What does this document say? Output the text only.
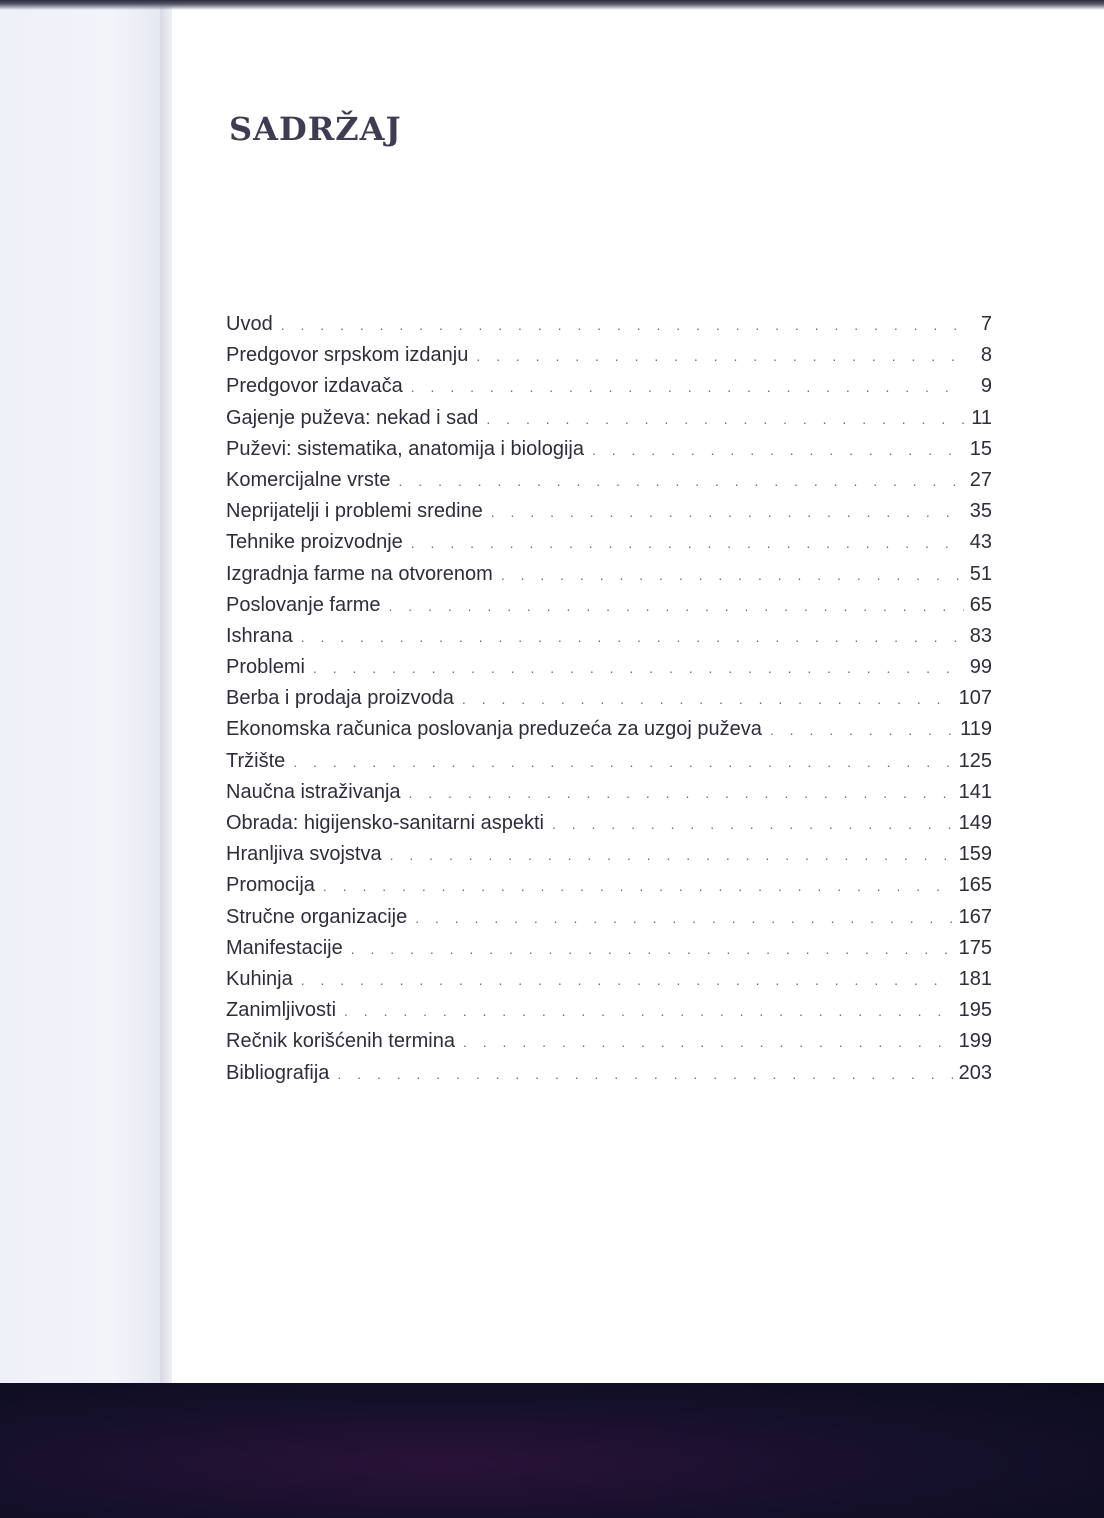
SADRŽAJ
Uvod . . .	7
Predgovor srpskom izdanju . . .	8
Predgovor izdavača . . .	9
Gajenje puževa: nekad i sad . . .	11
Puževi: sistematika, anatomija i biologija . . .	15
Komercijalne vrste . . .	27
Neprijatelji i problemi sredine . . .	35
Tehnike proizvodnje . . .	43
Izgradnja farme na otvorenom . . .	51
Poslovanje farme . . .	65
Ishrana . . .	83
Problemi . . .	99
Berba i prodaja proizvoda . . .	107
Ekonomska računica poslovanja preduzeća za uzgoj puževa . . .	119
Tržište . . .	125
Naučna istraživanja . . .	141
Obrada: higijensko-sanitarni aspekti . . .	149
Hranljiva svojstva . . .	159
Promocija . . .	165
Stručne organizacije . . .	167
Manifestacije . . .	175
Kuhinja . . .	181
Zanimljivosti . . .	195
Rečnik korišćenih termina . . .	199
Bibliografija . . .	203
